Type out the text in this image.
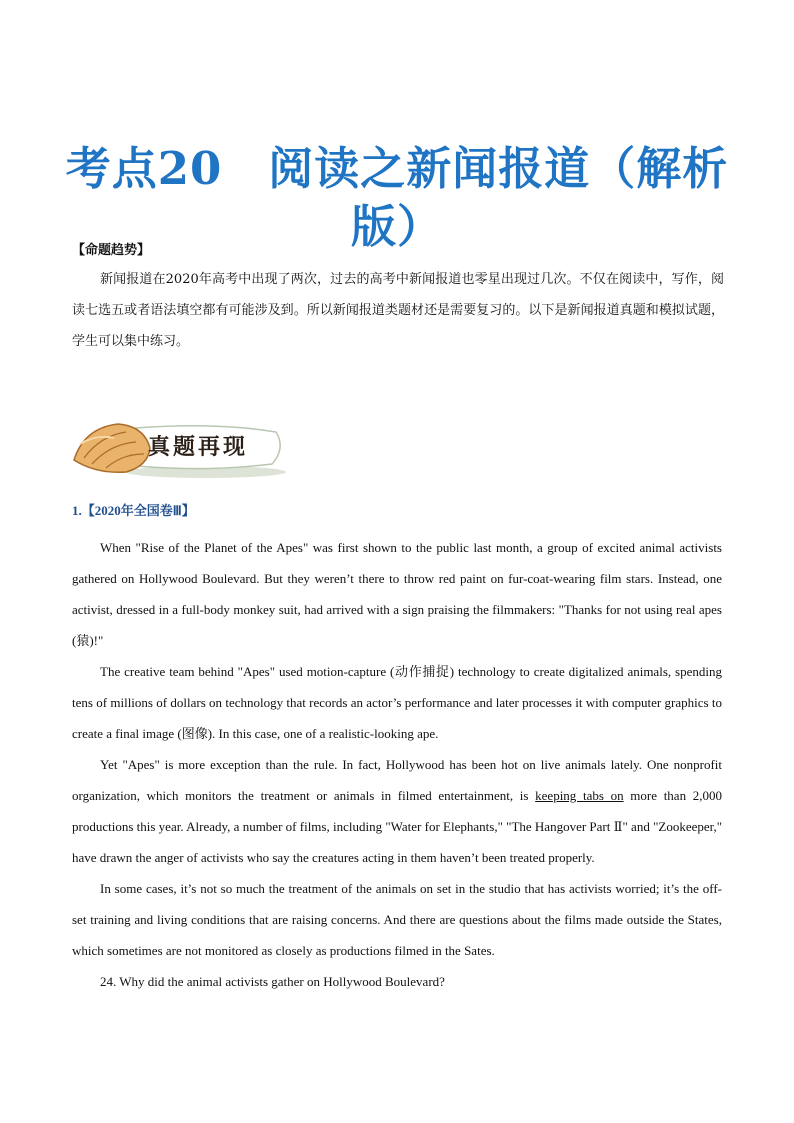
考点20　阅读之新闻报道（解析版）
【命题趋势】
新闻报道在2020年高考中出现了两次，过去的高考中新闻报道也零星出现过几次。不仅在阅读中，写作，阅读七选五或者语法填空都有可能涉及到。所以新闻报道类题材还是需要复习的。以下是新闻报道真题和模拟试题，学生可以集中练习。
真题再现
1.【2020年全国卷Ⅲ】

When "Rise of the Planet of the Apes" was first shown to the public last month, a group of excited animal activists gathered on Hollywood Boulevard. But they weren’t there to throw red paint on fur-coat-wearing film stars. Instead, one activist, dressed in a full-body monkey suit, had arrived with a sign praising the filmmakers: "Thanks for not using real apes (猿)!"

The creative team behind "Apes" used motion-capture (动作捕捉) technology to create digitalized animals, spending tens of millions of dollars on technology that records an actor’s performance and later processes it with computer graphics to create a final image (图像). In this case, one of a realistic-looking ape.

Yet "Apes" is more exception than the rule. In fact, Hollywood has been hot on live animals lately. One nonprofit organization, which monitors the treatment or animals in filmed entertainment, is keeping tabs on more than 2,000 productions this year. Already, a number of films, including "Water for Elephants," "The Hangover Part Ⅱ" and "Zookeeper," have drawn the anger of activists who say the creatures acting in them haven’t been treated properly.

In some cases, it’s not so much the treatment of the animals on set in the studio that has activists worried; it’s the off-set training and living conditions that are raising concerns. And there are questions about the films made outside the States, which sometimes are not monitored as closely as productions filmed in the Sates.

24. Why did the animal activists gather on Hollywood Boulevard?
